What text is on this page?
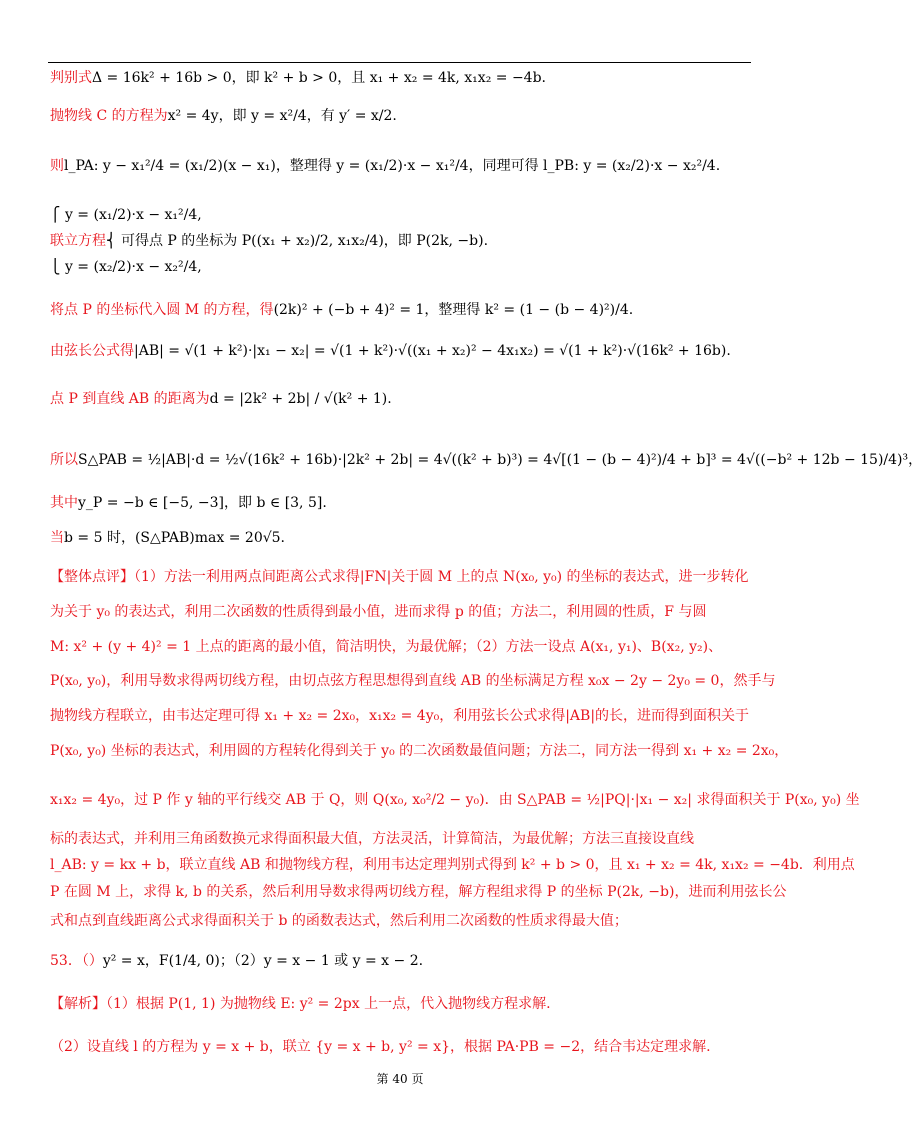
判别式Δ = 16k² + 16b > 0，即 k² + b > 0，且 x₁ + x₂ = 4k, x₁x₂ = −4b.
抛物线 C 的方程为x² = 4y，即 y = x²/4，有 y′ = x/2.
则l_PA: y − x₁²/4 = (x₁/2)(x − x₁)，整理得 y = (x₁/2)·x − x₁²/4，同理可得 l_PB: y = (x₂/2)·x − x₂²/4.
⎧ y = (x₁/2)·x − x₁²/4,
联立方程⎨ 可得点 P 的坐标为 P((x₁ + x₂)/2, x₁x₂/4)，即 P(2k, −b).
⎩ y = (x₂/2)·x − x₂²/4,
将点 P 的坐标代入圆 M 的方程，得(2k)² + (−b + 4)² = 1，整理得 k² = (1 − (b − 4)²)/4.
由弦长公式得|AB| = √(1 + k²)·|x₁ − x₂| = √(1 + k²)·√((x₁ + x₂)² − 4x₁x₂) = √(1 + k²)·√(16k² + 16b).
点 P 到直线 AB 的距离为d = |2k² + 2b| / √(k² + 1).
所以S△PAB = ½|AB|·d = ½√(16k² + 16b)·|2k² + 2b| = 4√((k² + b)³) = 4√[(1 − (b − 4)²)/4 + b]³ = 4√((−b² + 12b − 15)/4)³，
其中y_P = −b ∈ [−5, −3]，即 b ∈ [3, 5].
当b = 5 时，(S△PAB)max = 20√5.
【整体点评】（1）方法一利用两点间距离公式求得|FN|关于圆 M 上的点 N(x₀, y₀) 的坐标的表达式，进一步转化
为关于 y₀ 的表达式，利用二次函数的性质得到最小值，进而求得 p 的值；方法二，利用圆的性质，F 与圆
M: x² + (y + 4)² = 1 上点的距离的最小值，简洁明快，为最优解；（2）方法一设点 A(x₁, y₁)、B(x₂, y₂)、
P(x₀, y₀)，利用导数求得两切线方程，由切点弦方程思想得到直线 AB 的坐标满足方程 x₀x − 2y − 2y₀ = 0，然手与
抛物线方程联立，由韦达定理可得 x₁ + x₂ = 2x₀，x₁x₂ = 4y₀，利用弦长公式求得|AB|的长，进而得到面积关于
P(x₀, y₀) 坐标的表达式，利用圆的方程转化得到关于 y₀ 的二次函数最值问题；方法二，同方法一得到 x₁ + x₂ = 2x₀，
x₁x₂ = 4y₀，过 P 作 y 轴的平行线交 AB 于 Q，则 Q(x₀, x₀²/2 − y₀)．由 S△PAB = ½|PQ|·|x₁ − x₂| 求得面积关于 P(x₀, y₀) 坐
标的表达式，并利用三角函数换元求得面积最大值，方法灵活，计算简洁，为最优解；方法三直接设直线
l_AB: y = kx + b，联立直线 AB 和抛物线方程，利用韦达定理判别式得到 k² + b > 0，且 x₁ + x₂ = 4k, x₁x₂ = −4b．利用点
P 在圆 M 上，求得 k, b 的关系，然后利用导数求得两切线方程，解方程组求得 P 的坐标 P(2k, −b)，进而利用弦长公
式和点到直线距离公式求得面积关于 b 的函数表达式，然后利用二次函数的性质求得最大值；
53．（）y² = x，F(1/4, 0)；（2）y = x − 1 或 y = x − 2.
【解析】（1）根据 P(1, 1) 为抛物线 E: y² = 2px 上一点，代入抛物线方程求解.
（2）设直线 l 的方程为 y = x + b，联立 {y = x + b, y² = x}，根据 PA·PB = −2，结合韦达定理求解.
第 40 页
